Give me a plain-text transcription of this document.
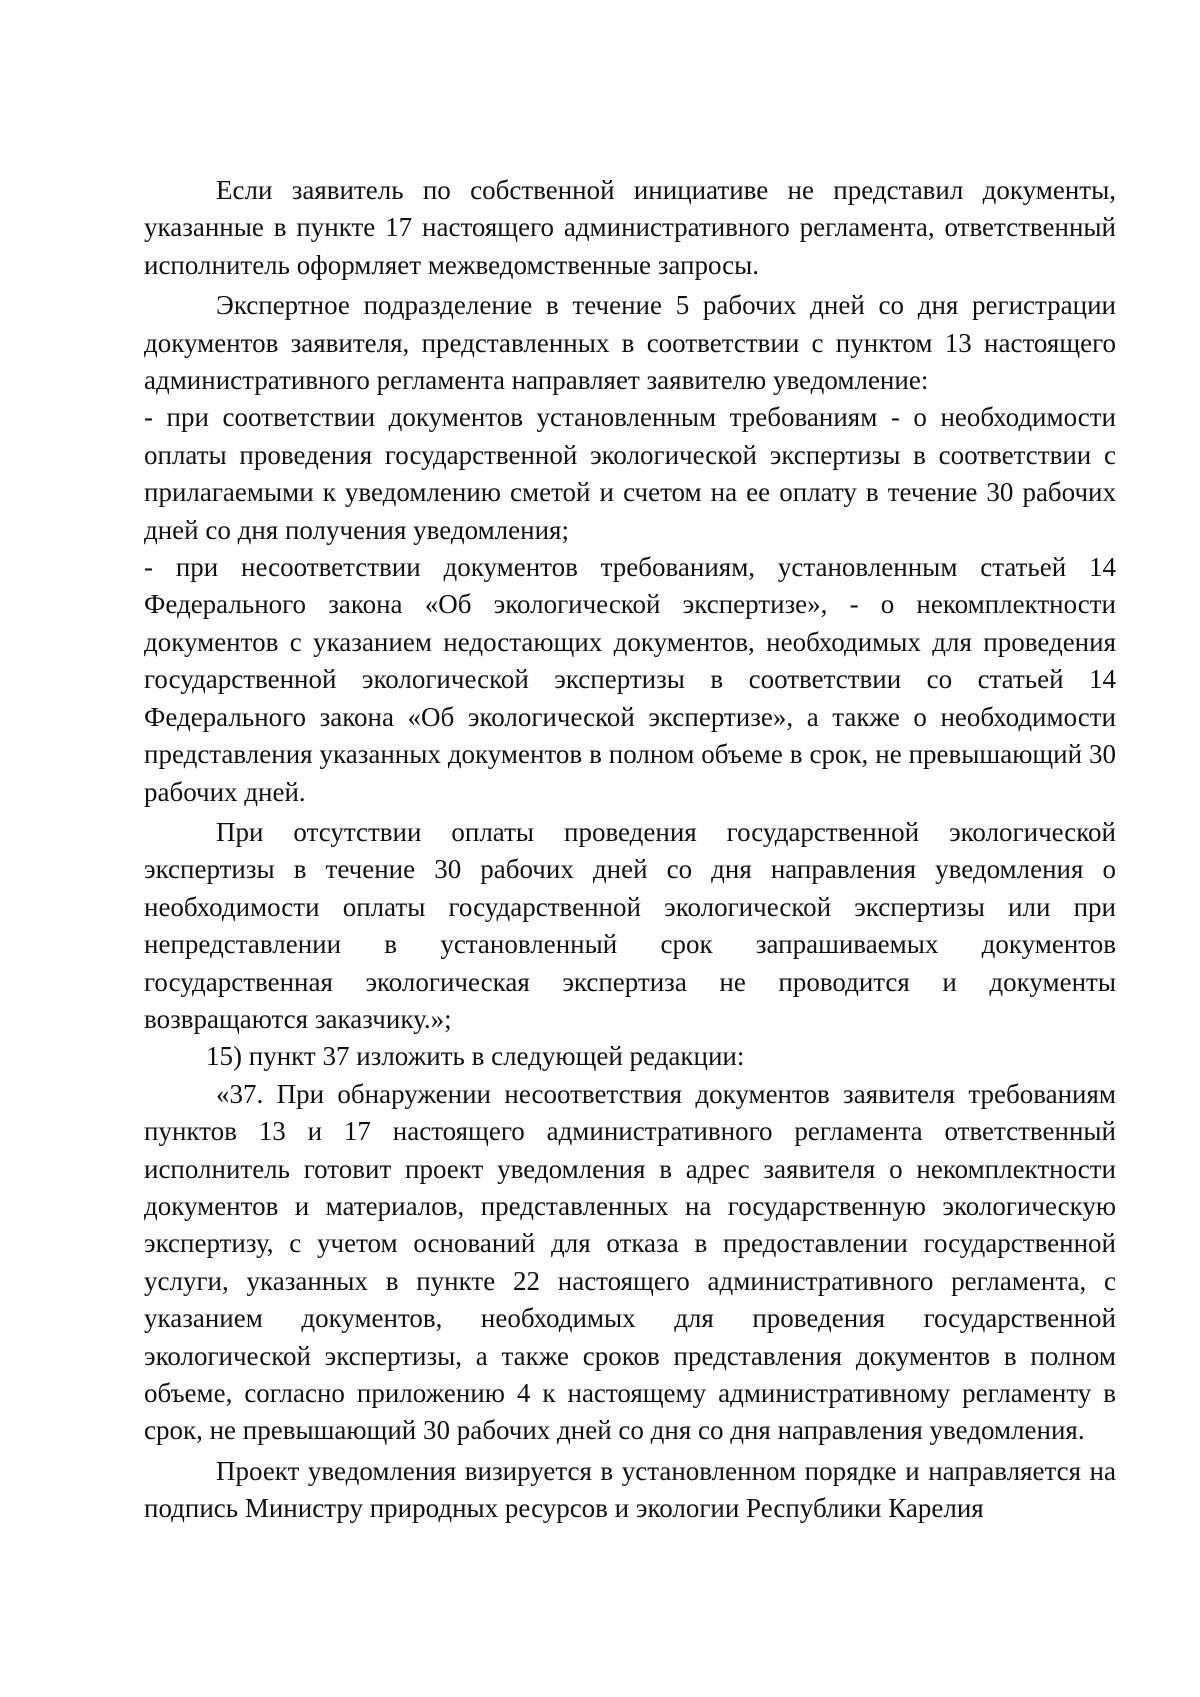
Если заявитель по собственной инициативе не представил документы, указанные в пункте 17 настоящего административного регламента, ответственный исполнитель оформляет межведомственные запросы.

Экспертное подразделение в течение 5 рабочих дней со дня регистрации документов заявителя, представленных в соответствии с пунктом 13 настоящего административного регламента направляет заявителю уведомление:

- при соответствии документов установленным требованиям - о необходимости оплаты проведения государственной экологической экспертизы в соответствии с прилагаемыми к уведомлению сметой и счетом на ее оплату в течение 30 рабочих дней со дня получения уведомления;

- при несоответствии документов требованиям, установленным статьей 14 Федерального закона «Об экологической экспертизе», - о некомплектности документов с указанием недостающих документов, необходимых для проведения государственной экологической экспертизы в соответствии со статьей 14 Федерального закона «Об экологической экспертизе», а также о необходимости представления указанных документов в полном объеме в срок, не превышающий 30 рабочих дней.

При отсутствии оплаты проведения государственной экологической экспертизы в течение 30 рабочих дней со дня направления уведомления о необходимости оплаты государственной экологической экспертизы или при непредставлении в установленный срок запрашиваемых документов государственная экологическая экспертиза не проводится и документы возвращаются заказчику.»;

15) пункт 37 изложить в следующей редакции:

«37. При обнаружении несоответствия документов заявителя требованиям пунктов 13 и 17 настоящего административного регламента ответственный исполнитель готовит проект уведомления в адрес заявителя о некомплектности документов и материалов, представленных на государственную экологическую экспертизу, с учетом оснований для отказа в предоставлении государственной услуги, указанных в пункте 22 настоящего административного регламента, с указанием документов, необходимых для проведения государственной экологической экспертизы, а также сроков представления документов в полном объеме, согласно приложению 4 к настоящему административному регламенту в срок, не превышающий 30 рабочих дней со дня со дня направления уведомления.

Проект уведомления визируется в установленном порядке и направляется на подпись Министру природных ресурсов и экологии Республики Карелия
